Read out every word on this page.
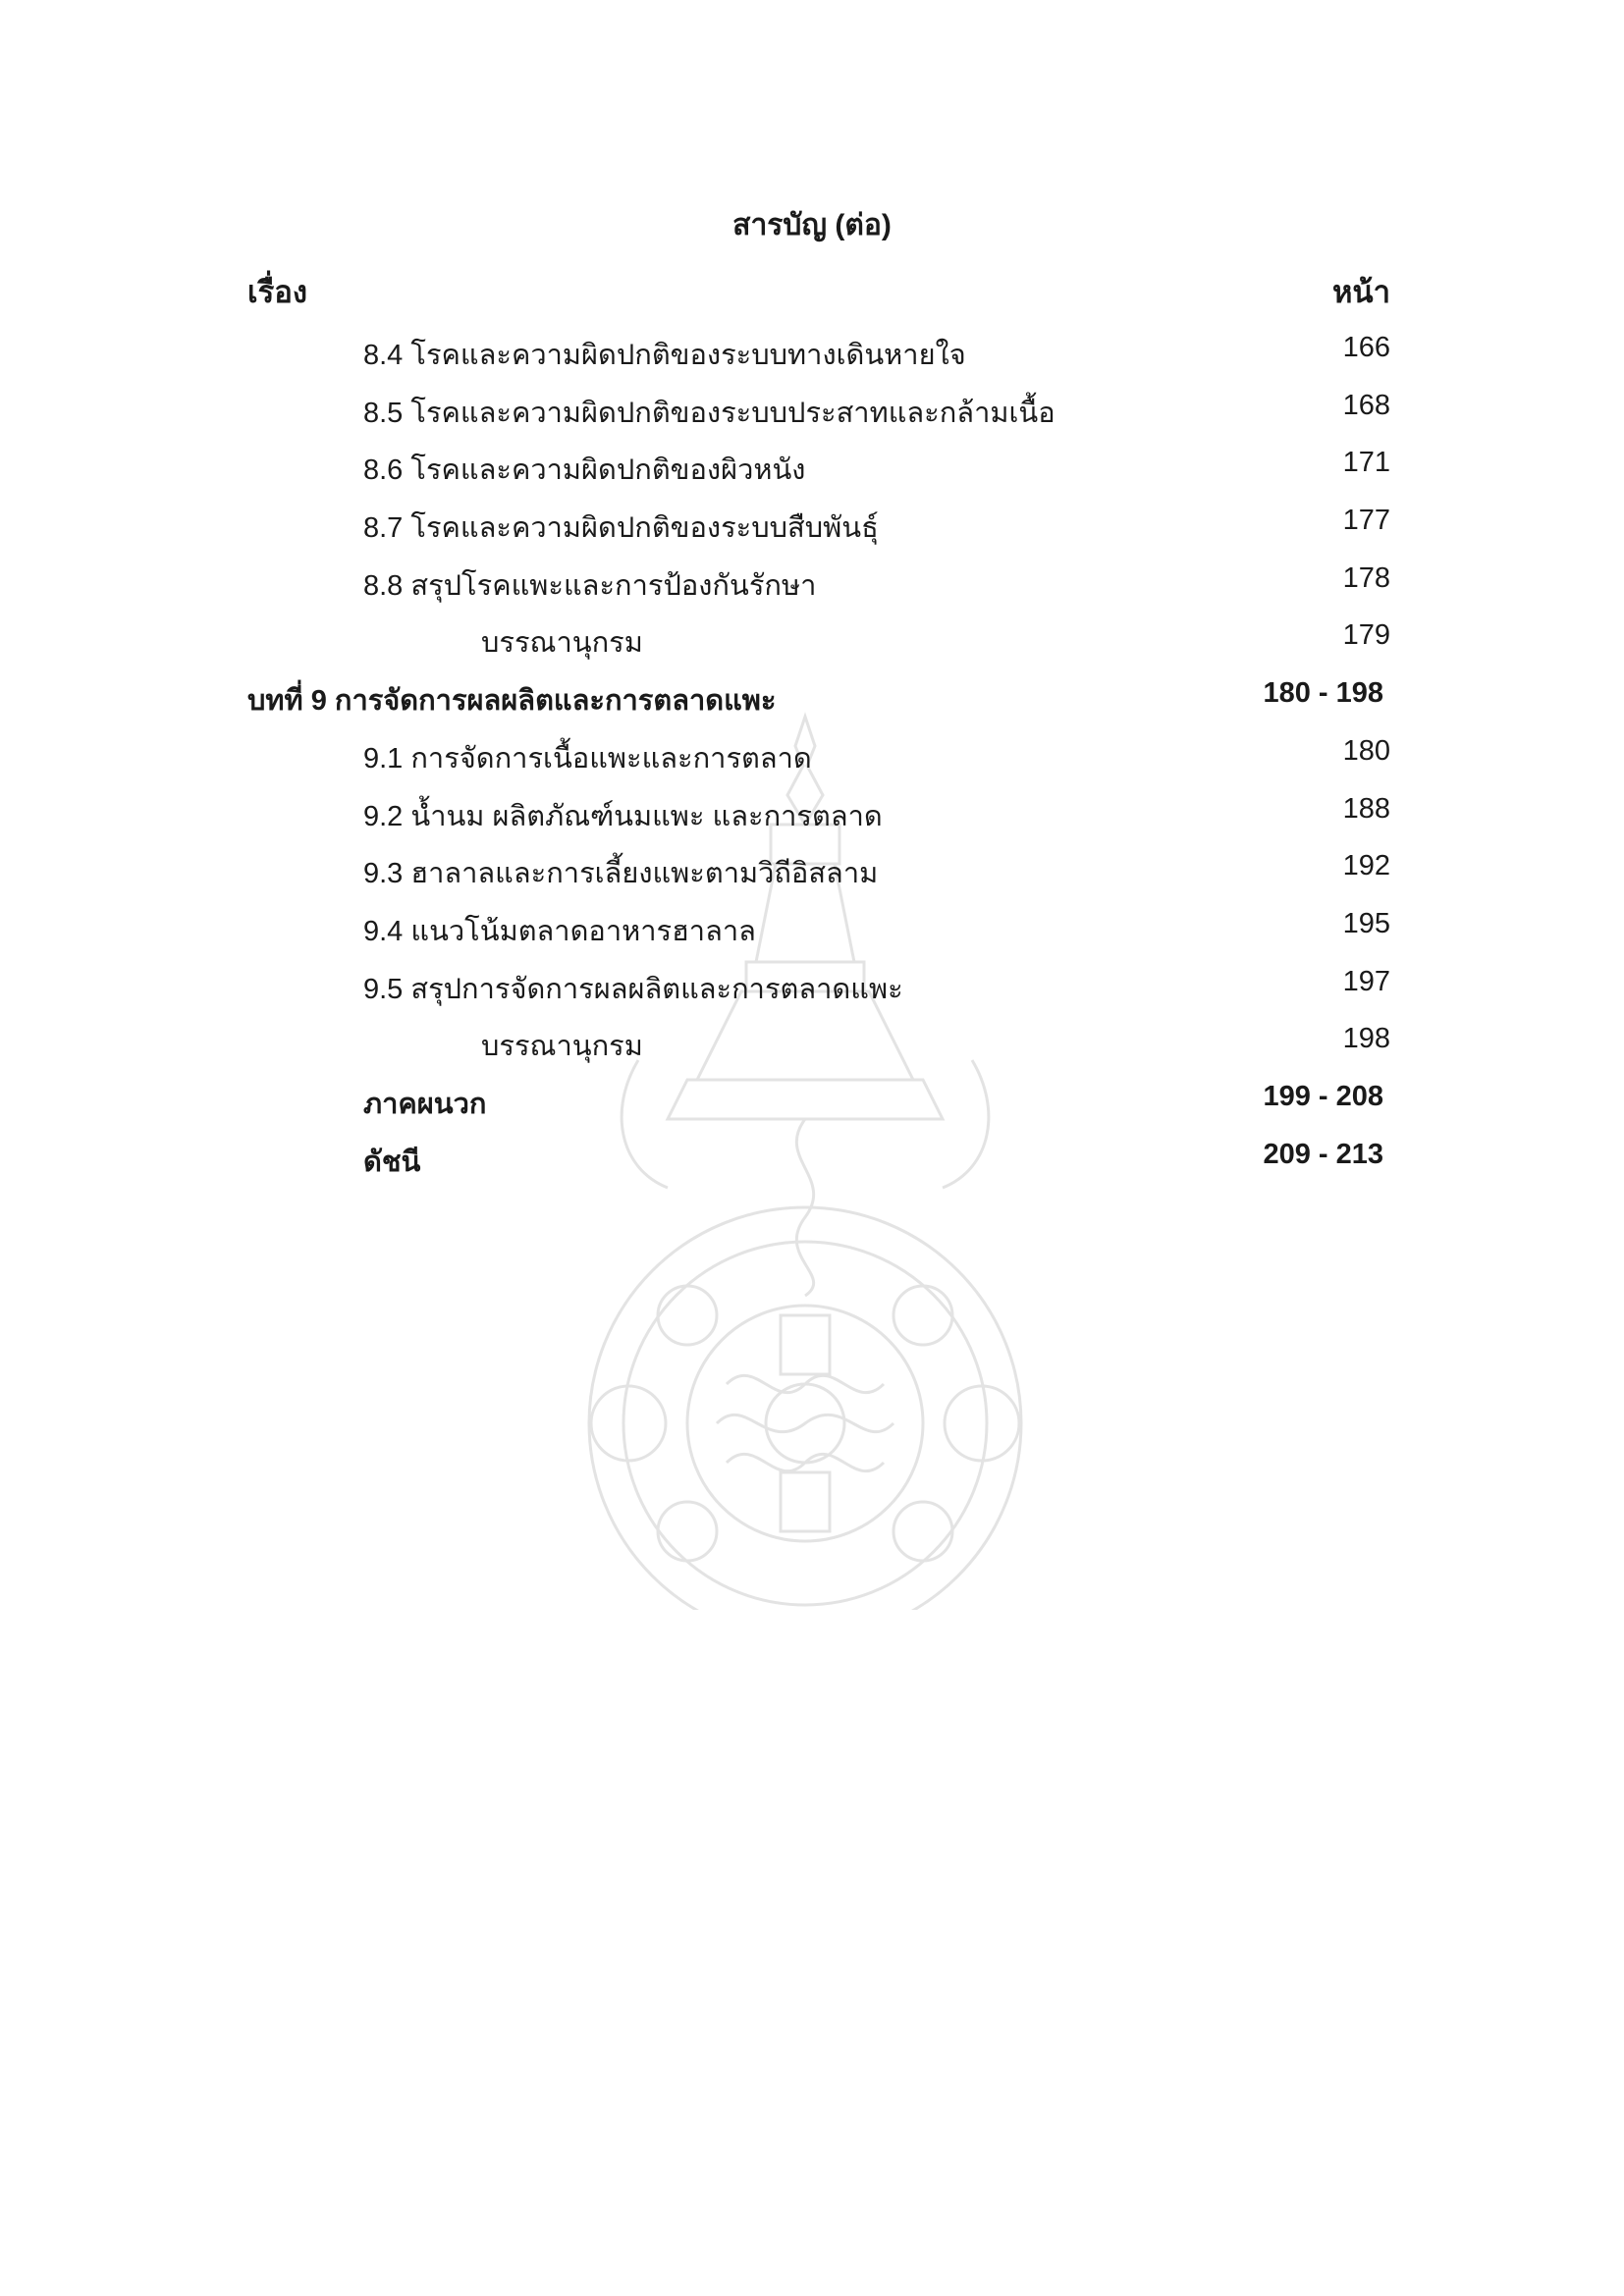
สารบัญ (ต่อ)
เรื่อง	หน้า
8.4 โรคและความผิดปกติของระบบทางเดินหายใจ	166
8.5 โรคและความผิดปกติของระบบประสาทและกล้ามเนื้อ	168
8.6 โรคและความผิดปกติของผิวหนัง	171
8.7 โรคและความผิดปกติของระบบสืบพันธุ์	177
8.8 สรุปโรคแพะและการป้องกันรักษา	178
บรรณานุกรม	179
บทที่ 9 การจัดการผลผลิตและการตลาดแพะ	180 - 198
9.1 การจัดการเนื้อแพะและการตลาด	180
9.2 น้ำนม ผลิตภัณฑ์นมแพะ และการตลาด	188
9.3 ฮาลาลและการเลี้ยงแพะตามวิถีอิสลาม	192
9.4 แนวโน้มตลาดอาหารฮาลาล	195
9.5 สรุปการจัดการผลผลิตและการตลาดแพะ	197
บรรณานุกรม	198
ภาคผนวก	199 - 208
ดัชนี	209 - 213
